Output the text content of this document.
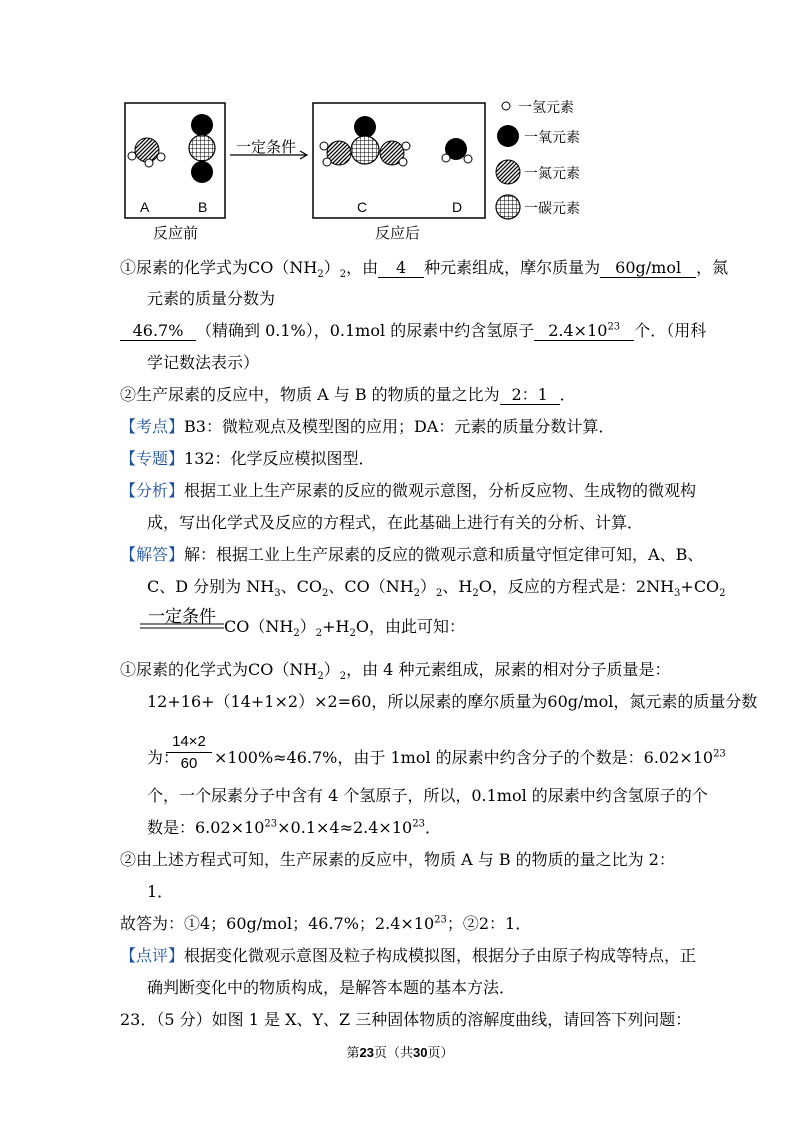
一定条件
A	B	C	D
反应前	反应后
一氢元素
一氧元素
一氮元素
一碳元素
①尿素的化学式为$CO(NH_2)_2$，由 4 种元素组成，摩尔质量为 60g/mol ，氮
元素的质量分数为
46.7% （精确到 0.1%），0.1mol 的尿素中约含氢原子 $2.4\times 10^{23}$ 个．（用科
学记数法表示）
②生产尿素的反应中，物质 A 与 B 的物质的量之比为 2：1 ．
【考点】B3：微粒观点及模型图的应用；DA：元素的质量分数计算．
【专题】132：化学反应模拟图型．
【分析】根据工业上生产尿素的反应的微观示意图，分析反应物、生成物的微观构
成，写出化学式及反应的方程式，在此基础上进行有关的分析、计算．
【解答】解：根据工业上生产尿素的反应的微观示意和质量守恒定律可知，A、B、
C、D 分别为 $NH_3$、$CO_2$、$CO(NH_2)_2$、$H_2O$，反应的方程式是：$2NH_3+CO_2$
一定条件 $CO(NH_2)_2+H_2O$，由此可知：
①尿素的化学式为$CO(NH_2)_2$，由 4 种元素组成，尿素的相对分子质量是：
12+16+（14+1×2）×2=60，所以尿素的摩尔质量为60g/mol，氮元素的质量分数
为：
14×2
60	×100%≈46.7%，由于 1mol 的尿素中约含分子的个数是：$6.02\times 10^{23}$
个，一个尿素分子中含有 4 个氢原子，所以，0.1mol 的尿素中约含氢原子的个
数是：$6.02\times 10^{23}\times 0.1\times 4\approx 2.4\times 10^{23}$．
②由上述方程式可知，生产尿素的反应中，物质 A 与 B 的物质的量之比为 2：
1．
故答为：①4；60g/mol；46.7%；$2.4\times 10^{23}$；②2：1．
【点评】根据变化微观示意图及粒子构成模拟图，根据分子由原子构成等特点，正
确判断变化中的物质构成，是解答本题的基本方法．
23．（5 分）如图 1 是 X、Y、Z 三种固体物质的溶解度曲线，请回答下列问题：
第23页（共30页）
